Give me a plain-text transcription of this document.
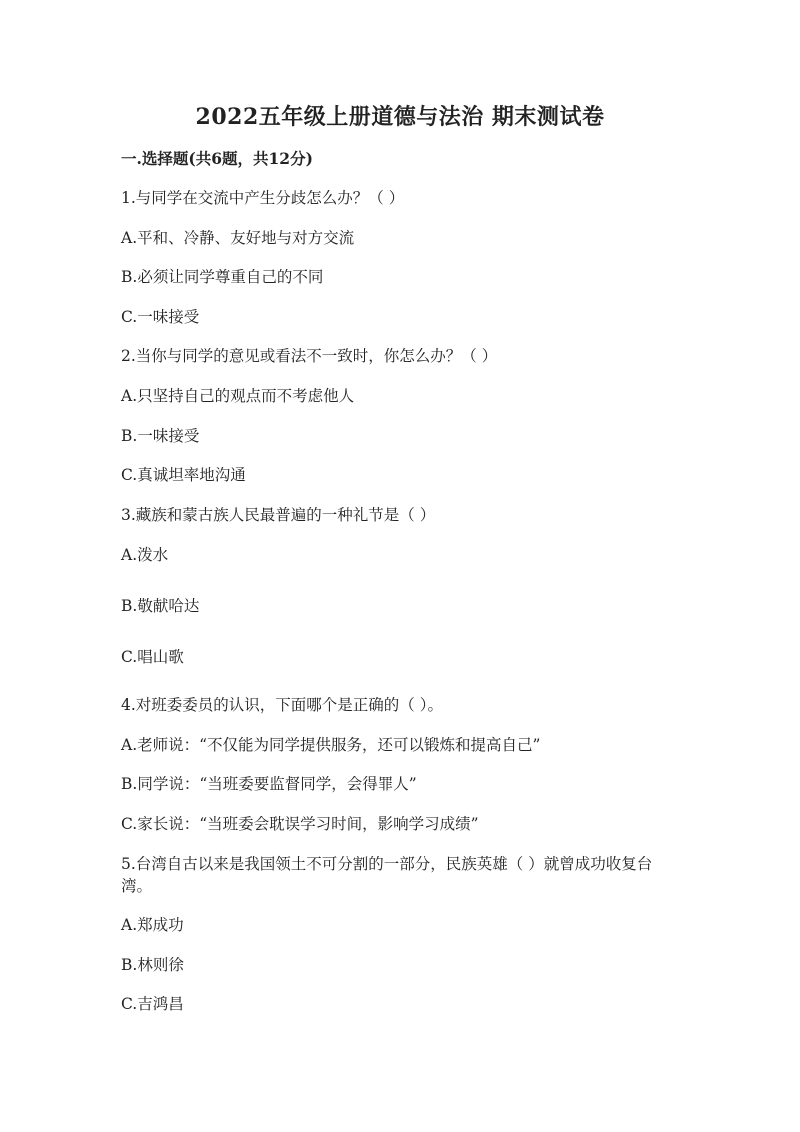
2022五年级上册道德与法治 期末测试卷
一.选择题(共6题，共12分)
1.与同学在交流中产生分歧怎么办？（ ）
A.平和、冷静、友好地与对方交流
B.必须让同学尊重自己的不同
C.一味接受
2.当你与同学的意见或看法不一致时，你怎么办？（ ）
A.只坚持自己的观点而不考虑他人
B.一味接受
C.真诚坦率地沟通
3.藏族和蒙古族人民最普遍的一种礼节是（ ）
A.泼水
B.敬献哈达
C.唱山歌
4.对班委委员的认识，下面哪个是正确的（ ）。
A.老师说：“不仅能为同学提供服务，还可以锻炼和提高自己”
B.同学说：“当班委要监督同学，会得罪人”
C.家长说：“当班委会耽误学习时间，影响学习成绩”
5.台湾自古以来是我国领土不可分割的一部分，民族英雄（ ）就曾成功收复台湾。
A.郑成功
B.林则徐
C.吉鸿昌
